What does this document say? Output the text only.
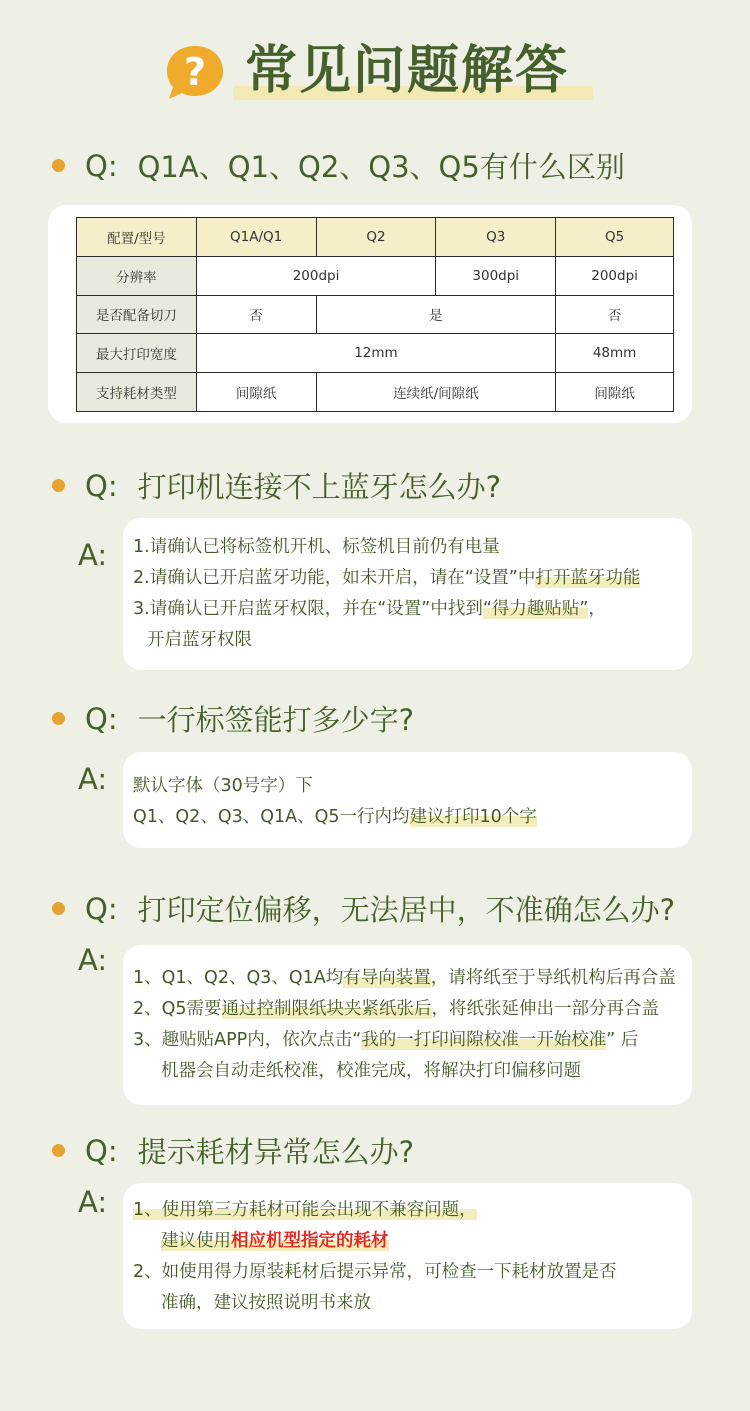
? 常见问题解答
Q: Q1A、Q1、Q2、Q3、Q5有什么区别
配置/型号	Q1A/Q1	Q2	Q3	Q5
分辨率	200dpi		300dpi	200dpi
是否配备切刀	否	是		否
最大打印宽度	12mm			48mm
支持耗材类型	间隙纸	连续纸/间隙纸		间隙纸
Q: 打印机连接不上蓝牙怎么办?
A: 1.请确认已将标签机开机、标签机目前仍有电量
2.请确认已开启蓝牙功能，如未开启，请在“设置”中打开蓝牙功能
3.请确认已开启蓝牙权限，并在“设置”中找到“得力趣贴贴”，
开启蓝牙权限
Q: 一行标签能打多少字?
A: 默认字体（30号字）下
Q1、Q2、Q3、Q1A、Q5一行内均建议打印10个字
Q: 打印定位偏移，无法居中，不准确怎么办?
A:
1、Q1、Q2、Q3、Q1A均有导向装置，请将纸至于导纸机构后再合盖
2、Q5需要通过控制限纸块夹紧纸张后，将纸张延伸出一部分再合盖
3、趣贴贴APP内，依次点击“我的一打印间隙校准一开始校准” 后
机器会自动走纸校准，校准完成，将解决打印偏移问题
Q: 提示耗材异常怎么办?
A: 1、使用第三方耗材可能会出现不兼容问题，
建议使用相应机型指定的耗材
2、如使用得力原装耗材后提示异常，可检查一下耗材放置是否
准确，建议按照说明书来放
